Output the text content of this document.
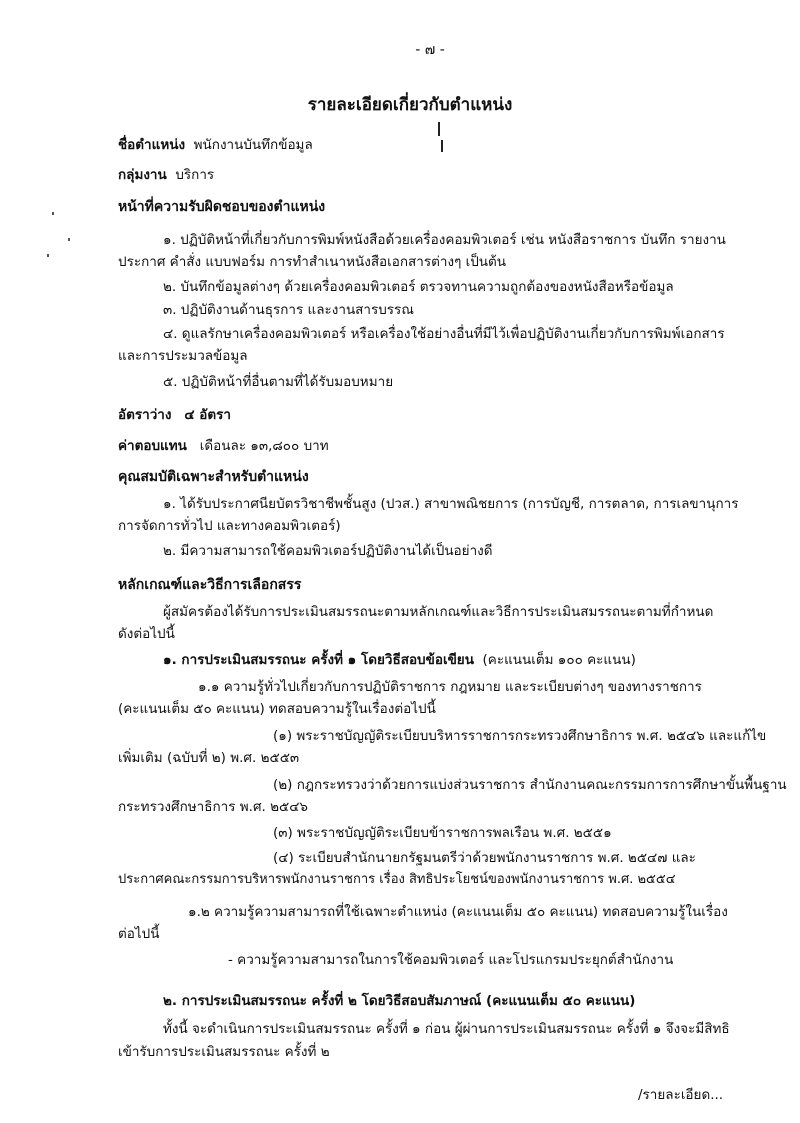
- ๗ -
รายละเอียดเกี่ยวกับตำแหน่ง
ชื่อตำแหน่ง พนักงานบันทึกข้อมูล
กลุ่มงาน บริการ
หน้าที่ความรับผิดชอบของตำแหน่ง
๑. ปฏิบัติหน้าที่เกี่ยวกับการพิมพ์หนังสือด้วยเครื่องคอมพิวเตอร์ เช่น หนังสือราชการ บันทึก รายงาน
ประกาศ คำสั่ง แบบฟอร์ม การทำสำเนาหนังสือเอกสารต่างๆ เป็นต้น
๒. บันทึกข้อมูลต่างๆ ด้วยเครื่องคอมพิวเตอร์ ตรวจทานความถูกต้องของหนังสือหรือข้อมูล
๓. ปฏิบัติงานด้านธุรการ และงานสารบรรณ
๔. ดูแลรักษาเครื่องคอมพิวเตอร์ หรือเครื่องใช้อย่างอื่นที่มีไว้เพื่อปฏิบัติงานเกี่ยวกับการพิมพ์เอกสาร
และการประมวลข้อมูล
๕. ปฏิบัติหน้าที่อื่นตามที่ได้รับมอบหมาย
อัตราว่าง ๔ อัตรา
ค่าตอบแทน เดือนละ ๑๓,๘๐๐ บาท
คุณสมบัติเฉพาะสำหรับตำแหน่ง
๑. ได้รับประกาศนียบัตรวิชาชีพชั้นสูง (ปวส.) สาขาพณิชยการ (การบัญชี, การตลาด, การเลขานุการ
การจัดการทั่วไป และทางคอมพิวเตอร์)
๒. มีความสามารถใช้คอมพิวเตอร์ปฏิบัติงานได้เป็นอย่างดี
หลักเกณฑ์และวิธีการเลือกสรร
ผู้สมัครต้องได้รับการประเมินสมรรถนะตามหลักเกณฑ์และวิธีการประเมินสมรรถนะตามที่กำหนด
ดังต่อไปนี้
๑. การประเมินสมรรถนะ ครั้งที่ ๑ โดยวิธีสอบข้อเขียน (คะแนนเต็ม ๑๐๐ คะแนน)
๑.๑ ความรู้ทั่วไปเกี่ยวกับการปฏิบัติราชการ กฎหมาย และระเบียบต่างๆ ของทางราชการ
(คะแนนเต็ม ๕๐ คะแนน) ทดสอบความรู้ในเรื่องต่อไปนี้
(๑) พระราชบัญญัติระเบียบบริหารราชการกระทรวงศึกษาธิการ พ.ศ. ๒๕๔๖ และแก้ไข
เพิ่มเติม (ฉบับที่ ๒) พ.ศ. ๒๕๕๓
(๒) กฎกระทรวงว่าด้วยการแบ่งส่วนราชการ สำนักงานคณะกรรมการการศึกษาขั้นพื้นฐาน
กระทรวงศึกษาธิการ พ.ศ. ๒๕๔๖
(๓) พระราชบัญญัติระเบียบข้าราชการพลเรือน พ.ศ. ๒๕๕๑
(๔) ระเบียบสำนักนายกรัฐมนตรีว่าด้วยพนักงานราชการ พ.ศ. ๒๕๔๗ และ
ประกาศคณะกรรมการบริหารพนักงานราชการ เรื่อง สิทธิประโยชน์ของพนักงานราชการ พ.ศ. ๒๕๕๔
๑.๒ ความรู้ความสามารถที่ใช้เฉพาะตำแหน่ง (คะแนนเต็ม ๕๐ คะแนน) ทดสอบความรู้ในเรื่อง
ต่อไปนี้
- ความรู้ความสามารถในการใช้คอมพิวเตอร์ และโปรแกรมประยุกต์สำนักงาน
๒. การประเมินสมรรถนะ ครั้งที่ ๒ โดยวิธีสอบสัมภาษณ์ (คะแนนเต็ม ๕๐ คะแนน)
ทั้งนี้ จะดำเนินการประเมินสมรรถนะ ครั้งที่ ๑ ก่อน ผู้ผ่านการประเมินสมรรถนะ ครั้งที่ ๑ จึงจะมีสิทธิ
เข้ารับการประเมินสมรรถนะ ครั้งที่ ๒
/รายละเอียด...
